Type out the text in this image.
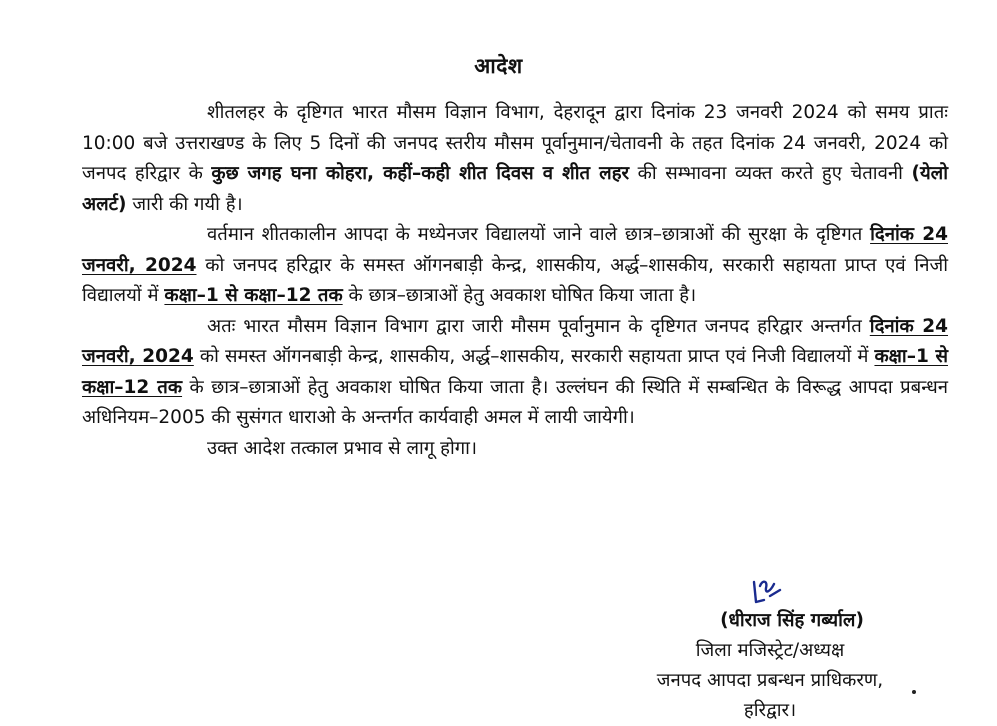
आदेश

शीतलहर के दृष्टिगत भारत मौसम विज्ञान विभाग, देहरादून द्वारा दिनांक 23 जनवरी 2024 को समय प्रातः 10:00 बजे उत्तराखण्ड के लिए 5 दिनों की जनपद स्तरीय मौसम पूर्वानुमान/चेतावनी के तहत दिनांक 24 जनवरी, 2024 को जनपद हरिद्वार के कुछ जगह घना कोहरा, कहीं–कही शीत दिवस व शीत लहर की सम्भावना व्यक्त करते हुए चेतावनी (येलो अलर्ट) जारी की गयी है।

वर्तमान शीतकालीन आपदा के मध्येनजर विद्यालयों जाने वाले छात्र–छात्राओं की सुरक्षा के दृष्टिगत दिनांक 24 जनवरी, 2024 को जनपद हरिद्वार के समस्त ऑगनबाड़ी केन्द्र, शासकीय, अर्द्ध–शासकीय, सरकारी सहायता प्राप्त एवं निजी विद्यालयों में कक्षा–1 से कक्षा–12 तक के छात्र–छात्राओं हेतु अवकाश घोषित किया जाता है।

अतः भारत मौसम विज्ञान विभाग द्वारा जारी मौसम पूर्वानुमान के दृष्टिगत जनपद हरिद्वार अन्तर्गत दिनांक 24 जनवरी, 2024 को समस्त ऑगनबाड़ी केन्द्र, शासकीय, अर्द्ध–शासकीय, सरकारी सहायता प्राप्त एवं निजी विद्यालयों में कक्षा–1 से कक्षा–12 तक के छात्र–छात्राओं हेतु अवकाश घोषित किया जाता है। उल्लंघन की स्थिति में सम्बन्धित के विरूद्ध आपदा प्रबन्धन अधिनियम–2005 की सुसंगत धाराओ के अन्तर्गत कार्यवाही अमल में लायी जायेगी।

उक्त आदेश तत्काल प्रभाव से लागू होगा।

(धीराज सिंह गर्ब्याल)
जिला मजिस्ट्रेट/अध्यक्ष
जनपद आपदा प्रबन्धन प्राधिकरण,
हरिद्वार।
